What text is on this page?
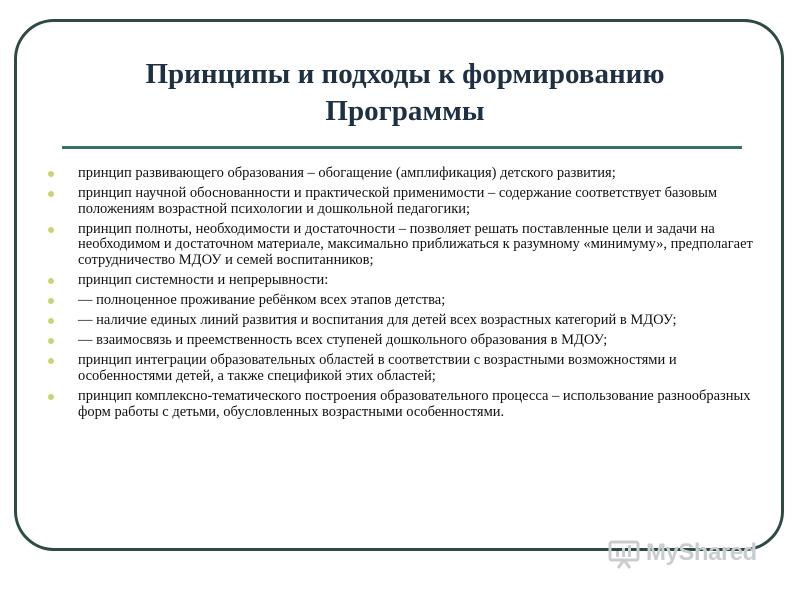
Принципы и подходы к формированию
Программы
принцип развивающего образования – обогащение (амплификация) детского развития;
принцип научной обоснованности и практической применимости – содержание соответствует базовым положениям возрастной психологии и дошкольной педагогики;
принцип полноты, необходимости и достаточности – позволяет решать поставленные цели и задачи на необходимом и достаточном материале, максимально приближаться к разумному «минимуму», предполагает сотрудничество МДОУ и семей воспитанников;
принцип системности и непрерывности:
— полноценное проживание ребёнком всех этапов детства;
— наличие единых линий развития и воспитания для детей всех возрастных категорий в МДОУ;
— взаимосвязь и преемственность всех ступеней дошкольного образования в МДОУ;
принцип интеграции образовательных областей в соответствии с возрастными возможностями и особенностями детей, а также спецификой этих областей;
принцип комплексно-тематического построения образовательного процесса – использование разнообразных форм работы с детьми, обусловленных возрастными особенностями.
MyShared
